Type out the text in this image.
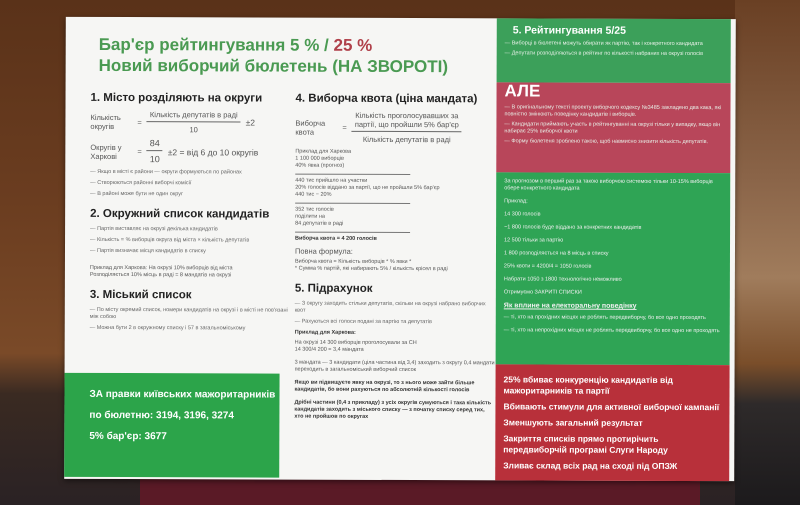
Бар'єр рейтингування 5 % / 25 %
Новий виборчий бюлетень (НА ЗВОРОТІ)
1. Місто розділяють на округи
Кількість округів	= $\frac{\text{Кількість депутатів в раді}}{10} \pm 2$
Округів у Харкові	= $\frac{84}{10} \pm 2$ = від 6 до 10 округів
— Якщо в місті є райони — округи формуються по районах
— Створюються районні виборчі комісії
— В районі може бути не один округ
2. Окружний список кандидатів
— Партія виставляє на окрузі декілька кандидатів
— Кількість = % виборців округа від міста × кількість депутатів
— Партія визначає місця кандидатів в списку
Приклад для Харкова: На окрузі 10% виборців від міста
Розподіляється 10% місць в раді = 8 мандатів на окрузі
3. Міський список
— По місту окремий список, номери кандидатів на окрузі і в місті не пов'язані між собою
— Можна бути 2 в окружному списку і 57 в загальноміському

ЗА правки київських мажоритарників

по бюлетню: 3194, 3196, 3274

5% бар'єр: 3677

4. Виборча квота (ціна мандата)
Виборча квота	= $\frac{\text{Кількість проголосувавших за партії, що пройшли 5\% бар'єр}}{\text{Кількість депутатів в раді}}$
Приклад для Харкова
1 100 000 виборців
40% явка (прогноз)
440 тис прийшло на участки
20% голосів віддано за партії, що не пройшли 5% бар'єр
440 тис − 20%
352 тис голосів
поділити на
84 депутатів в раді
Виборча квота = 4 200 голосів
Повна формула:
Виборча квота = Кількість виборців * % явки *
* Сумма % партій, які набирають 5% / кількість крісел в раді
5. Підрахунок
— З округу заходить стільки депутатів, скільки на окрузі набрано виборчих квот
— Рахуються всі голоси подані за партію та депутатів
Приклад для Харкова:
На окрузі 14 300 виборців проголосували за СН
14 300/4 200 = 3,4 мандата
3 мандата — 3 кандидати (ціла частина від 3,4) заходить з округу 0,4 мандати переходить в загальноміський виборчий список
Якщо ви підвищуєте явку на окрузі, то з нього може зайти більше кандидатів, бо вони рахуються по абсолютній кількості голосів
Дрібні частини (0,4 з прикладу) з усіх округів сумуються і така кількість кандидатів заходить з міського списку — з початку списку серед тих, хто не пройшов по округах
5. Рейтингування 5/25
— Виборці в бюлетені можуть обирати як партію, так і конкретного кандидата
— Депутати розподіляються в рейтинг по кількості набраних на окрузі голосів
АЛЕ
— В оригінальному тексті проекту виборчого кодексу №3485 закладено два кака, які повністю змінюють поведінку кандидатів і виборців.
— Кандидати приймають участь в рейтингуванні на окрузі тільки у випадку, якщо він набирає 25% виборчої квоти
— Форму бюлетеня зроблено такою, щоб навмисно знизити кількість депутатів.
За прогнозом в перший раз за такою виборчою системою тільки 10-15% виборців обере конкретного кандидата
Приклад:
14 300 голосів
~1 800 голосів буде віддано за конкретних кандидатів
12 500 тільки за партію
1 800 розподіляється на 8 місць в списку
25% квоти = 4200/4 = 1050 голосів
Набрати 1050 з 1800 технологічно неможливо
Отримуємо ЗАКРИТІ СПИСКИ
Як вплине на електоральну поведінку
— ті, хто на прохідних місцях не роблять передвиборчу, бо все одно проходять
— ті, хто на непрохідних місцях не роблять передвиборчу, бо все одно не проходять

25% вбиває конкуренцію кандидатів від мажоритарників та партії

Вбивають стимули для активної виборчої кампанії

Зменшують загальний результат

Закриття списків прямо протирічить передвиборчій програмі Слуги Народу

Зливає склад всіх рад на сході під ОПЗЖ
